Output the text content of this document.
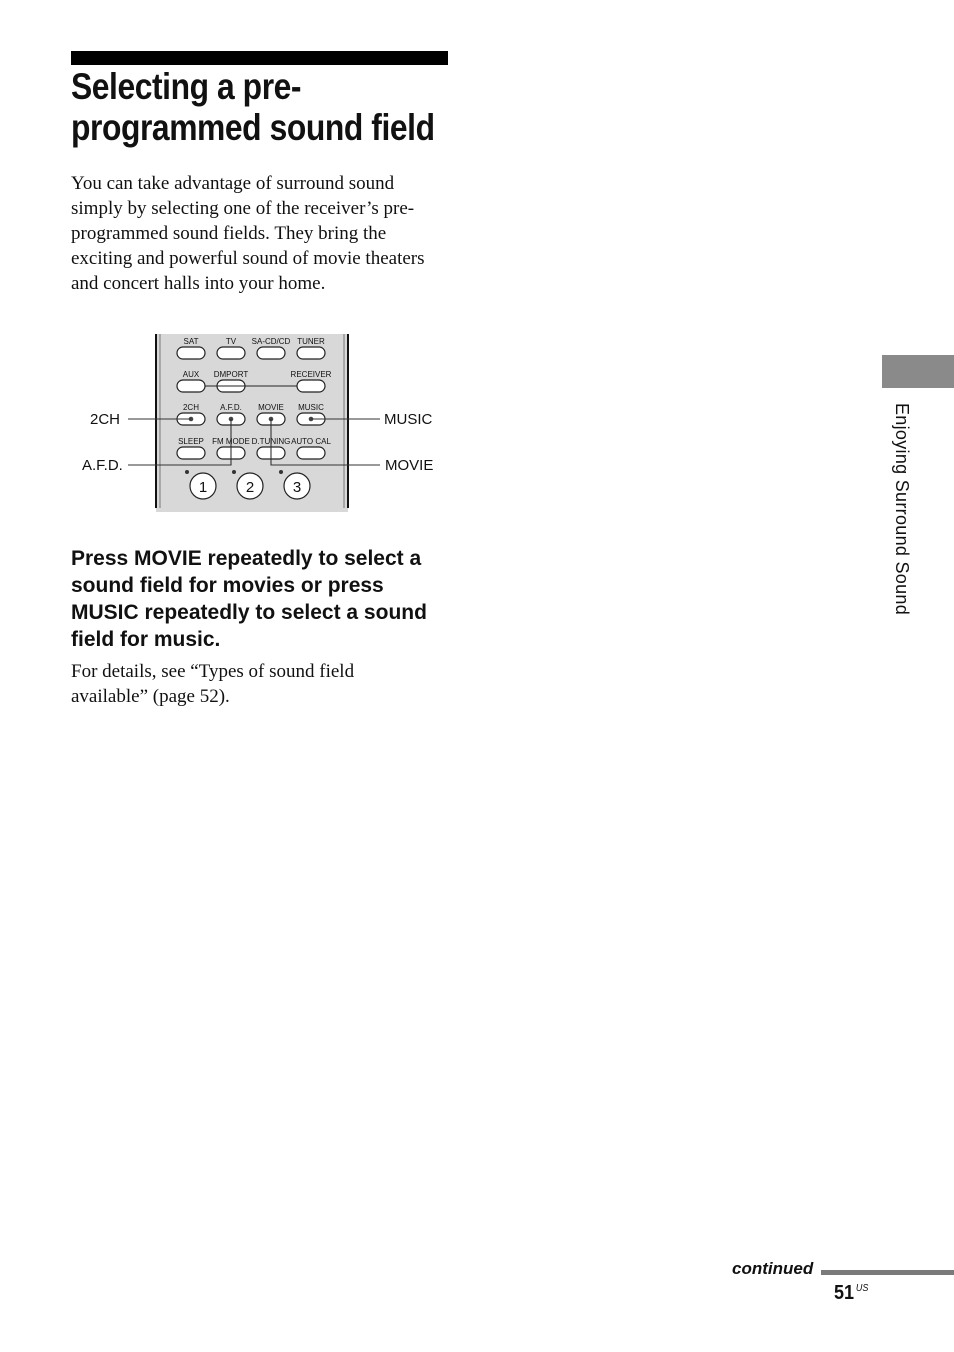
Selecting a pre-
programmed sound field

You can take advantage of surround sound
simply by selecting one of the receiver’s pre-
programmed sound fields. They bring the
exciting and powerful sound of movie theaters
and concert halls into your home.

SAT	TV SA-CD/CD TUNER
AUX DMPORT	RECEIVER
2CH	A.F.D. MOVIE MUSIC
SLEEP FM MODE D.TUNING AUTO CAL
1	2	3
2CH
A.F.D.
MUSIC
MOVIE
Press MOVIE repeatedly to select a
sound field for movies or press
MUSIC repeatedly to select a sound
field for music.

For details, see “Types of sound field
available” (page 52).

Enjoying Surround Sound
continued
51 $^{US}$
